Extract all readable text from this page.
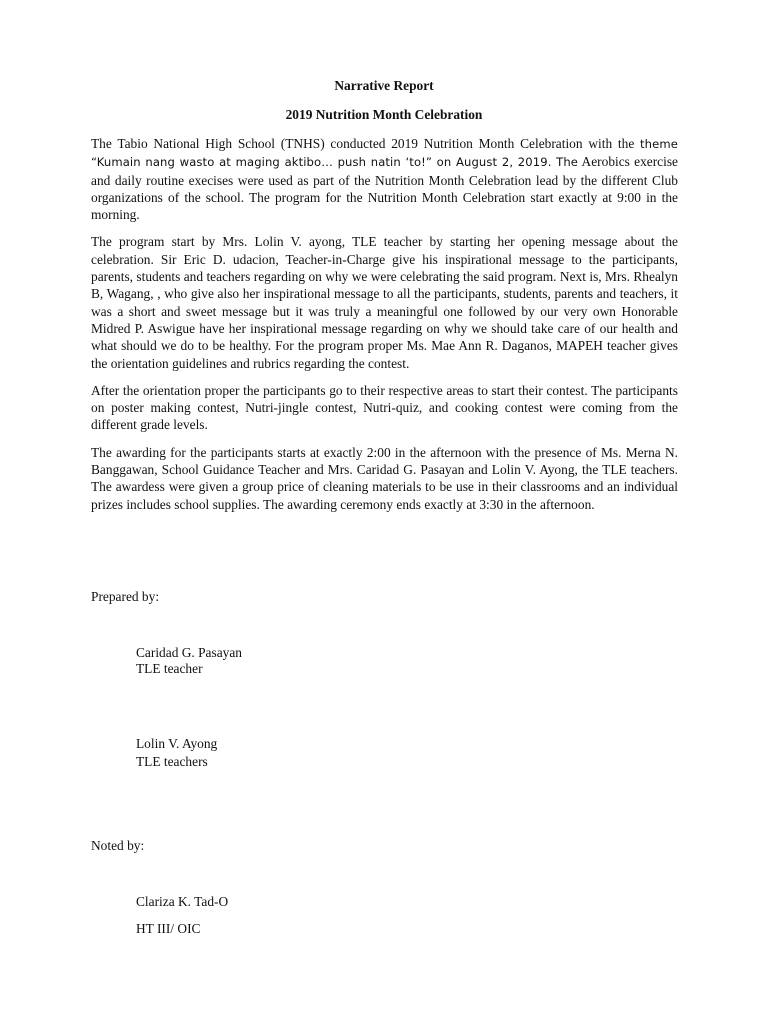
Narrative Report
2019 Nutrition Month Celebration

The Tabio National High School (TNHS) conducted 2019 Nutrition Month Celebration with the theme “Kumain nang wasto at maging aktibo… push natin ‘to!” on August 2, 2019. The Aerobics exercise and daily routine execises were used as part of the Nutrition Month Celebration lead by the different Club organizations of the school. The program for the Nutrition Month Celebration start exactly at 9:00 in the morning.

The program start by Mrs. Lolin V. ayong, TLE teacher by starting her opening message about the celebration. Sir Eric D. udacion, Teacher-in-Charge give his inspirational message to the participants, parents, students and teachers regarding on why we were celebrating the said program. Next is, Mrs. Rhealyn B, Wagang, , who give also her inspirational message to all the participants, students, parents and teachers, it was a short and sweet message but it was truly a meaningful one followed by our very own Honorable Midred P. Aswigue have her inspirational message regarding on why we should take care of our health and what should we do to be healthy. For the program proper Ms. Mae Ann R. Daganos, MAPEH teacher gives the orientation guidelines and rubrics regarding the contest.

After the orientation proper the participants go to their respective areas to start their contest. The participants on poster making contest, Nutri-jingle contest, Nutri-quiz, and cooking contest were coming from the different grade levels.

The awarding for the participants starts at exactly 2:00 in the afternoon with the presence of Ms. Merna N. Banggawan, School Guidance Teacher and Mrs. Caridad G. Pasayan and Lolin V. Ayong, the TLE teachers. The awardess were given a group price of cleaning materials to be use in their classrooms and an individual prizes includes school supplies. The awarding ceremony ends exactly at 3:30 in the afternoon.

Prepared by:
Caridad G. Pasayan
TLE teacher
Lolin V. Ayong
TLE teachers
Noted by:
Clariza K. Tad-O
HT III/ OIC
